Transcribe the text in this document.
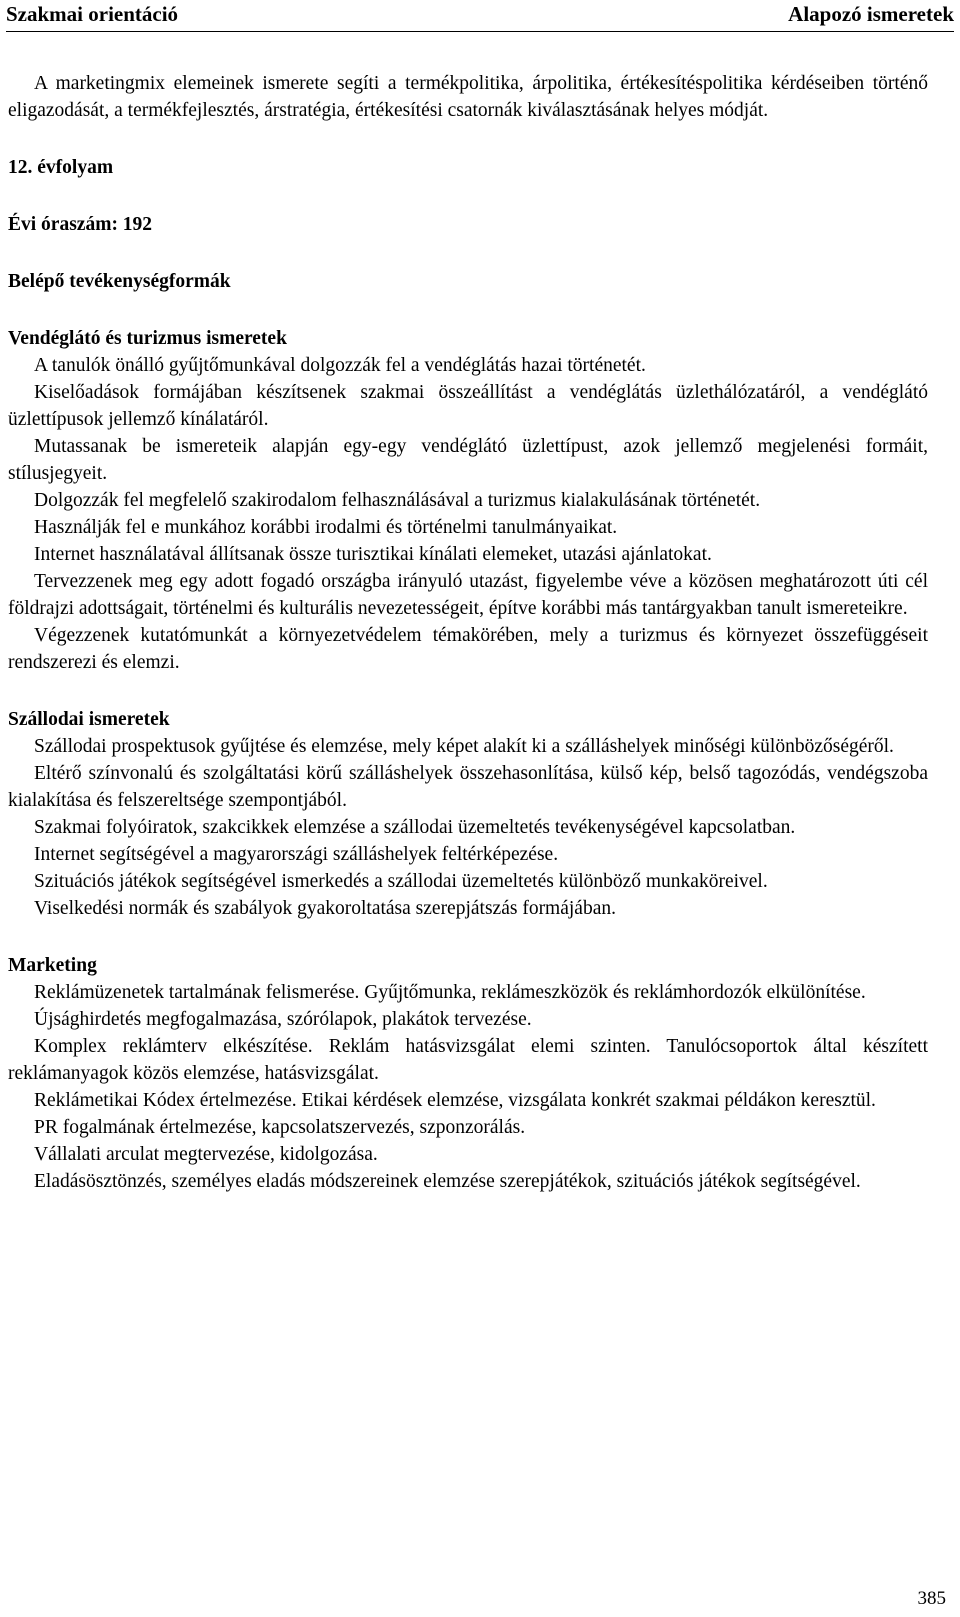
Szakmai orientáció	Alapozó ismeretek

A marketingmix elemeinek ismerete segíti a termékpolitika, árpolitika, értékesítéspolitika kérdéseiben történő eligazodását, a termékfejlesztés, árstratégia, értékesítési csatornák kiválasztásának helyes módját.

12. évfolyam
Évi óraszám: 192
Belépő tevékenységformák
Vendéglátó és turizmus ismeretek

A tanulók önálló gyűjtőmunkával dolgozzák fel a vendéglátás hazai történetét.

Kiselőadások formájában készítsenek szakmai összeállítást a vendéglátás üzlethálózatáról, a vendéglátó üzlettípusok jellemző kínálatáról.

Mutassanak be ismereteik alapján egy-egy vendéglátó üzlettípust, azok jellemző megjelenési formáit, stílusjegyeit.

Dolgozzák fel megfelelő szakirodalom felhasználásával a turizmus kialakulásának történetét.

Használják fel e munkához korábbi irodalmi és történelmi tanulmányaikat.

Internet használatával állítsanak össze turisztikai kínálati elemeket, utazási ajánlatokat.

Tervezzenek meg egy adott fogadó országba irányuló utazást, figyelembe véve a közösen meghatározott úti cél földrajzi adottságait, történelmi és kulturális nevezetességeit, építve korábbi más tantárgyakban tanult ismereteikre.

Végezzenek kutatómunkát a környezetvédelem témakörében, mely a turizmus és környezet összefüggéseit rendszerezi és elemzi.

Szállodai ismeretek

Szállodai prospektusok gyűjtése és elemzése, mely képet alakít ki a szálláshelyek minőségi különbözőségéről.

Eltérő színvonalú és szolgáltatási körű szálláshelyek összehasonlítása, külső kép, belső tagozódás, vendégszoba kialakítása és felszereltsége szempontjából.

Szakmai folyóiratok, szakcikkek elemzése a szállodai üzemeltetés tevékenységével kapcsolatban.

Internet segítségével a magyarországi szálláshelyek feltérképezése.

Szituációs játékok segítségével ismerkedés a szállodai üzemeltetés különböző munkaköreivel.

Viselkedési normák és szabályok gyakoroltatása szerepjátszás formájában.

Marketing

Reklámüzenetek tartalmának felismerése. Gyűjtőmunka, reklámeszközök és reklámhordozók elkülönítése.

Újsághirdetés megfogalmazása, szórólapok, plakátok tervezése.

Komplex reklámterv elkészítése. Reklám hatásvizsgálat elemi szinten. Tanulócsoportok által készített reklámanyagok közös elemzése, hatásvizsgálat.

Reklámetikai Kódex értelmezése. Etikai kérdések elemzése, vizsgálata konkrét szakmai példákon keresztül.

PR fogalmának értelmezése, kapcsolatszervezés, szponzorálás.

Vállalati arculat megtervezése, kidolgozása.

Eladásösztönzés, személyes eladás módszereinek elemzése szerepjátékok, szituációs játékok segítségével.

385
